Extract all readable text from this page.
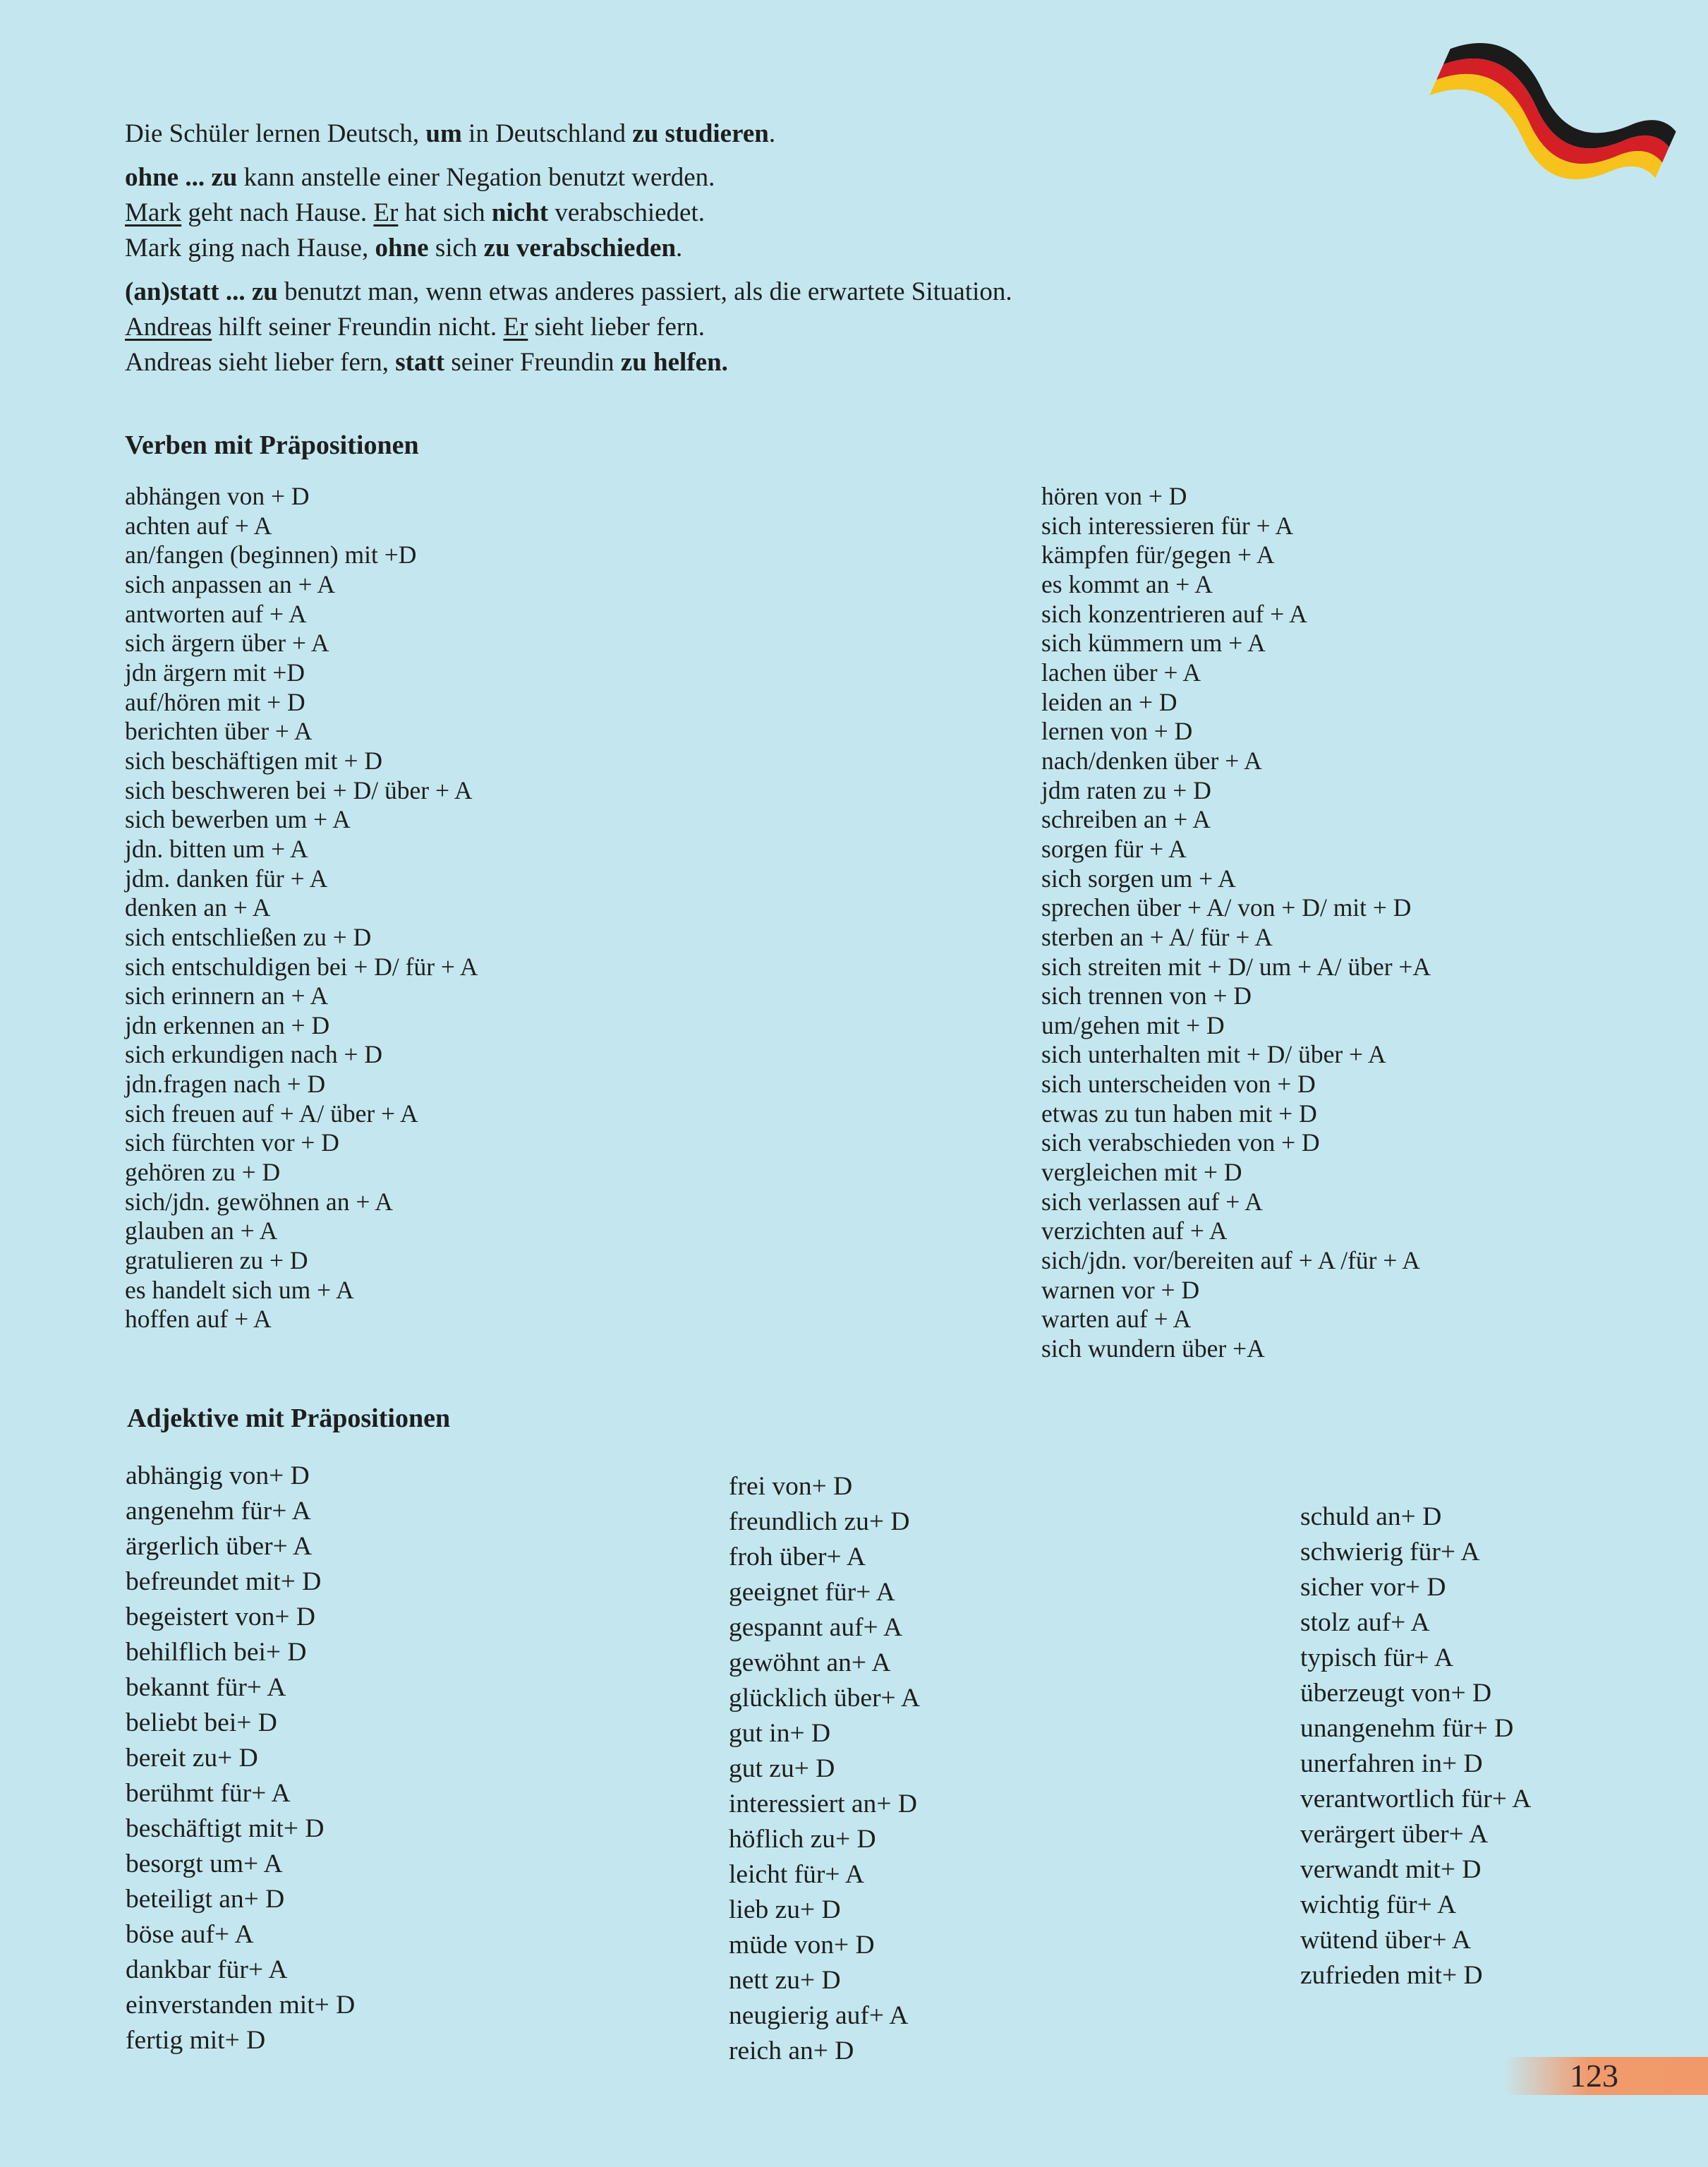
Die Schüler lernen Deutsch, um in Deutschland zu studieren.

ohne ... zu kann anstelle einer Negation benutzt werden.

Mark geht nach Hause. Er hat sich nicht verabschiedet.

Mark ging nach Hause, ohne sich zu verabschieden.

(an)statt ... zu benutzt man, wenn etwas anderes passiert, als die erwartete Situation.

Andreas hilft seiner Freundin nicht. Er sieht lieber fern.

Andreas sieht lieber fern, statt seiner Freundin zu helfen.

Verben mit Präpositionen
abhängen von + D
achten auf + A
an/fangen (beginnen) mit +D
sich anpassen an + A
antworten auf + A
sich ärgern über + A
jdn ärgern mit +D
auf/hören mit + D
berichten über + A
sich beschäftigen mit + D
sich beschweren bei + D/ über + A
sich bewerben um + A
jdn. bitten um + A
jdm. danken für + A
denken an + A
sich entschließen zu + D
sich entschuldigen bei + D/ für + A
sich erinnern an + A
jdn erkennen an + D
sich erkundigen nach + D
jdn.fragen nach + D
sich freuen auf + A/ über + A
sich fürchten vor + D
gehören zu + D
sich/jdn. gewöhnen an + A
glauben an + A
gratulieren zu + D
es handelt sich um + A
hoffen auf + A
hören von + D
sich interessieren für + A
kämpfen für/gegen + A
es kommt an + A
sich konzentrieren auf + A
sich kümmern um + A
lachen über + A
leiden an + D
lernen von + D
nach/denken über + A
jdm raten zu + D
schreiben an + A
sorgen für + A
sich sorgen um + A
sprechen über + A/ von + D/ mit + D
sterben an + A/ für + A
sich streiten mit + D/ um + A/ über +A
sich trennen von + D
um/gehen mit + D
sich unterhalten mit + D/ über + A
sich unterscheiden von + D
etwas zu tun haben mit + D
sich verabschieden von + D
vergleichen mit + D
sich verlassen auf + A
verzichten auf + A
sich/jdn. vor/bereiten auf + A /für + A
warnen vor + D
warten auf + A
sich wundern über +A
Adjektive mit Präpositionen
abhängig von+ D
angenehm für+ A
ärgerlich über+ A
befreundet mit+ D
begeistert von+ D
behilflich bei+ D
bekannt für+ A
beliebt bei+ D
bereit zu+ D
berühmt für+ A
beschäftigt mit+ D
besorgt um+ A
beteiligt an+ D
böse auf+ A
dankbar für+ A
einverstanden mit+ D
fertig mit+ D
frei von+ D
freundlich zu+ D
froh über+ A
geeignet für+ A
gespannt auf+ A
gewöhnt an+ A
glücklich über+ A
gut in+ D
gut zu+ D
interessiert an+ D
höflich zu+ D
leicht für+ A
lieb zu+ D
müde von+ D
nett zu+ D
neugierig auf+ A
reich an+ D
schuld an+ D
schwierig für+ A
sicher vor+ D
stolz auf+ A
typisch für+ A
überzeugt von+ D
unangenehm für+ D
unerfahren in+ D
verantwortlich für+ A
verärgert über+ A
verwandt mit+ D
wichtig für+ A
wütend über+ A
zufrieden mit+ D
123
